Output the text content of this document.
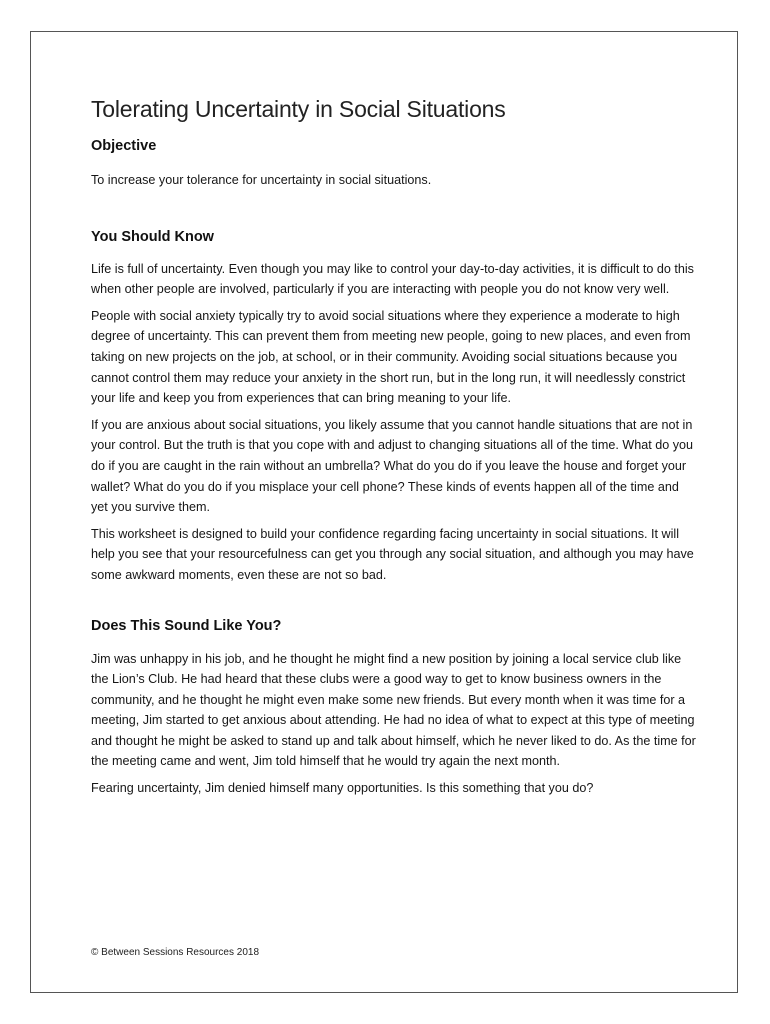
Tolerating Uncertainty in Social Situations
Objective

To increase your tolerance for uncertainty in social situations.

You Should Know

Life is full of uncertainty. Even though you may like to control your day-to-day activities, it is difficult to do this when other people are involved, particularly if you are interacting with people you do not know very well.

People with social anxiety typically try to avoid social situations where they experience a moderate to high degree of uncertainty. This can prevent them from meeting new people, going to new places, and even from taking on new projects on the job, at school, or in their community. Avoiding social situations because you cannot control them may reduce your anxiety in the short run, but in the long run, it will needlessly constrict your life and keep you from experiences that can bring meaning to your life.

If you are anxious about social situations, you likely assume that you cannot handle situations that are not in your control. But the truth is that you cope with and adjust to changing situations all of the time. What do you do if you are caught in the rain without an umbrella? What do you do if you leave the house and forget your wallet? What do you do if you misplace your cell phone? These kinds of events happen all of the time and yet you survive them.

This worksheet is designed to build your confidence regarding facing uncertainty in social situations. It will help you see that your resourcefulness can get you through any social situation, and although you may have some awkward moments, even these are not so bad.

Does This Sound Like You?

Jim was unhappy in his job, and he thought he might find a new position by joining a local service club like the Lion’s Club. He had heard that these clubs were a good way to get to know business owners in the community, and he thought he might even make some new friends. But every month when it was time for a meeting, Jim started to get anxious about attending. He had no idea of what to expect at this type of meeting and thought he might be asked to stand up and talk about himself, which he never liked to do. As the time for the meeting came and went, Jim told himself that he would try again the next month.

Fearing uncertainty, Jim denied himself many opportunities. Is this something that you do?

© Between Sessions Resources 2018
